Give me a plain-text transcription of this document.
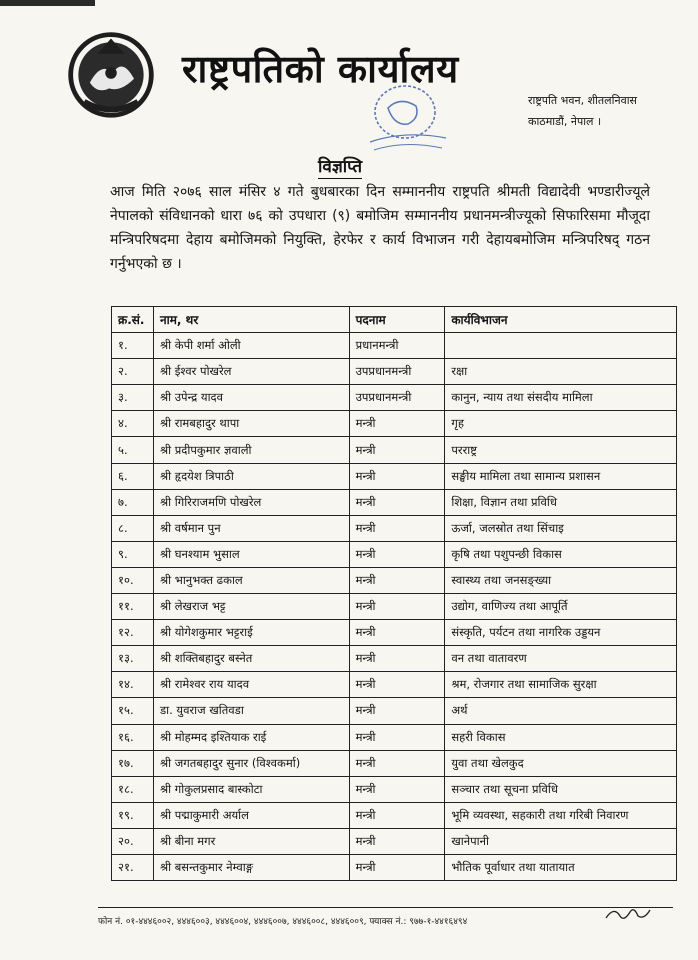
राष्ट्रपतिको कार्यालय
राष्ट्रपति भवन, शीतलनिवास
काठमाडौं, नेपाल ।
विज्ञप्ति
आज मिति २०७६ साल मंसिर ४ गते बुधबारका दिन सम्माननीय राष्ट्रपति श्रीमती विद्यादेवी भण्डारीज्यूले नेपालको संविधानको धारा ७६ को उपधारा (९) बमोजिम सम्माननीय प्रधानमन्त्रीज्यूको सिफारिसमा मौजूदा मन्त्रिपरिषदमा देहाय बमोजिमको नियुक्ति, हेरफेर र कार्य विभाजन गरी देहायबमोजिम मन्त्रिपरिषद् गठन गर्नुभएको छ ।
क्र.सं.	नाम, थर	पदनाम	कार्यविभाजन
१.	श्री केपी शर्मा ओली	प्रधानमन्त्री	
२.	श्री ईश्वर पोखरेल	उपप्रधानमन्त्री	रक्षा
३.	श्री उपेन्द्र यादव	उपप्रधानमन्त्री	कानुन, न्याय तथा संसदीय मामिला
४.	श्री रामबहादुर थापा	मन्त्री	गृह
५.	श्री प्रदीपकुमार ज्ञवाली	मन्त्री	परराष्ट्र
६.	श्री हृदयेश त्रिपाठी	मन्त्री	सङ्घीय मामिला तथा सामान्य प्रशासन
७.	श्री गिरिराजमणि पोखरेल	मन्त्री	शिक्षा, विज्ञान तथा प्रविधि
८.	श्री वर्षमान पुन	मन्त्री	ऊर्जा, जलस्रोत तथा सिंचाइ
९.	श्री घनश्याम भुसाल	मन्त्री	कृषि तथा पशुपन्छी विकास
१०.	श्री भानुभक्त ढकाल	मन्त्री	स्वास्थ्य तथा जनसङ्ख्या
११.	श्री लेखराज भट्ट	मन्त्री	उद्योग, वाणिज्य तथा आपूर्ति
१२.	श्री योगेशकुमार भट्टराई	मन्त्री	संस्कृति, पर्यटन तथा नागरिक उड्डयन
१३.	श्री शक्तिबहादुर बस्नेत	मन्त्री	वन तथा वातावरण
१४.	श्री रामेश्वर राय यादव	मन्त्री	श्रम, रोजगार तथा सामाजिक सुरक्षा
१५.	डा. युवराज खतिवडा	मन्त्री	अर्थ
१६.	श्री मोहम्मद इश्तियाक राई	मन्त्री	सहरी विकास
१७.	श्री जगतबहादुर सुनार (विश्वकर्मा)	मन्त्री	युवा तथा खेलकुद
१८.	श्री गोकुलप्रसाद बास्कोटा	मन्त्री	सञ्चार तथा सूचना प्रविधि
१९.	श्री पद्माकुमारी अर्याल	मन्त्री	भूमि व्यवस्था, सहकारी तथा गरिबी निवारण
२०.	श्री बीना मगर	मन्त्री	खानेपानी
२१.	श्री बसन्तकुमार नेम्वाङ्ग	मन्त्री	भौतिक पूर्वाधार तथा यातायात
फोन नं. ०१-४४४६००२, ४४४६००३, ४४४६००४, ४४४६००७, ४४४६००८, ४४४६००९, फ्याक्स नं.: ९७७-१-४४१६४९४
